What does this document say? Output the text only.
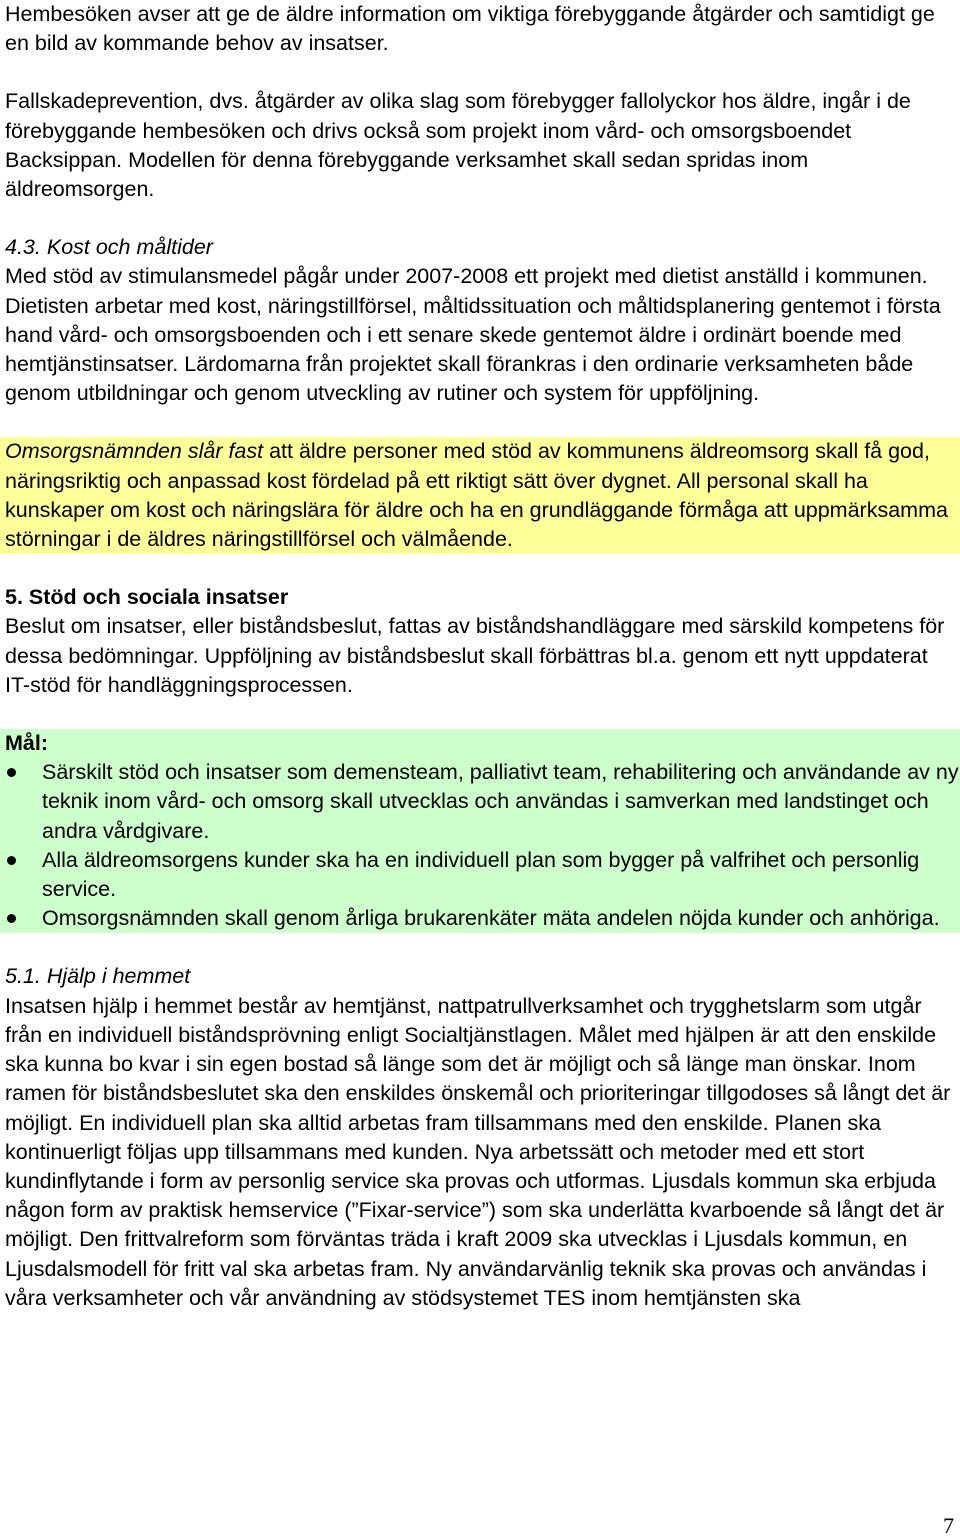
Hembesöken avser att ge de äldre information om viktiga förebyggande åtgärder och samtidigt ge en bild av kommande behov av insatser.

Fallskadeprevention, dvs. åtgärder av olika slag som förebygger fallolyckor hos äldre, ingår i de förebyggande hembesöken och drivs också som projekt inom vård- och omsorgsboendet Backsippan. Modellen för denna förebyggande verksamhet skall sedan spridas inom äldreomsorgen.

4.3. Kost och måltider

Med stöd av stimulansmedel pågår under 2007-2008 ett projekt med dietist anställd i kommunen. Dietisten arbetar med kost, näringstillförsel, måltidssituation och måltidsplanering gentemot i första hand vård- och omsorgsboenden och i ett senare skede gentemot äldre i ordinärt boende med hemtjänstinsatser. Lärdomarna från projektet skall förankras i den ordinarie verksamheten både genom utbildningar och genom utveckling av rutiner och system för uppföljning.

Omsorgsnämnden slår fast att äldre personer med stöd av kommunens äldreomsorg skall få god, näringsriktig och anpassad kost fördelad på ett riktigt sätt över dygnet. All personal skall ha kunskaper om kost och näringslära för äldre och ha en grundläggande förmåga att uppmärksamma störningar i de äldres näringstillförsel och välmående.

5. Stöd och sociala insatser

Beslut om insatser, eller biståndsbeslut, fattas av biståndshandläggare med särskild kompetens för dessa bedömningar. Uppföljning av biståndsbeslut skall förbättras bl.a. genom ett nytt uppdaterat IT-stöd för handläggningsprocessen.

Mål:

Särskilt stöd och insatser som demensteam, palliativt team, rehabilitering och användande av ny teknik inom vård- och omsorg skall utvecklas och användas i samverkan med landstinget och andra vårdgivare.
Alla äldreomsorgens kunder ska ha en individuell plan som bygger på valfrihet och personlig service.
Omsorgsnämnden skall genom årliga brukarenkäter mäta andelen nöjda kunder och anhöriga.

5.1. Hjälp i hemmet

Insatsen hjälp i hemmet består av hemtjänst, nattpatrullverksamhet och trygghetslarm som utgår från en individuell biståndsprövning enligt Socialtjänstlagen. Målet med hjälpen är att den enskilde ska kunna bo kvar i sin egen bostad så länge som det är möjligt och så länge man önskar. Inom ramen för biståndsbeslutet ska den enskildes önskemål och prioriteringar tillgodoses så långt det är möjligt. En individuell plan ska alltid arbetas fram tillsammans med den enskilde. Planen ska kontinuerligt följas upp tillsammans med kunden. Nya arbetssätt och metoder med ett stort kundinflytande i form av personlig service ska provas och utformas. Ljusdals kommun ska erbjuda någon form av praktisk hemservice (”Fixar-service”) som ska underlätta kvarboende så långt det är möjligt. Den frittvalreform som förväntas träda i kraft 2009 ska utvecklas i Ljusdals kommun, en Ljusdalsmodell för fritt val ska arbetas fram. Ny användarvänlig teknik ska provas och användas i våra verksamheter och vår användning av stödsystemet TES inom hemtjänsten ska

7
